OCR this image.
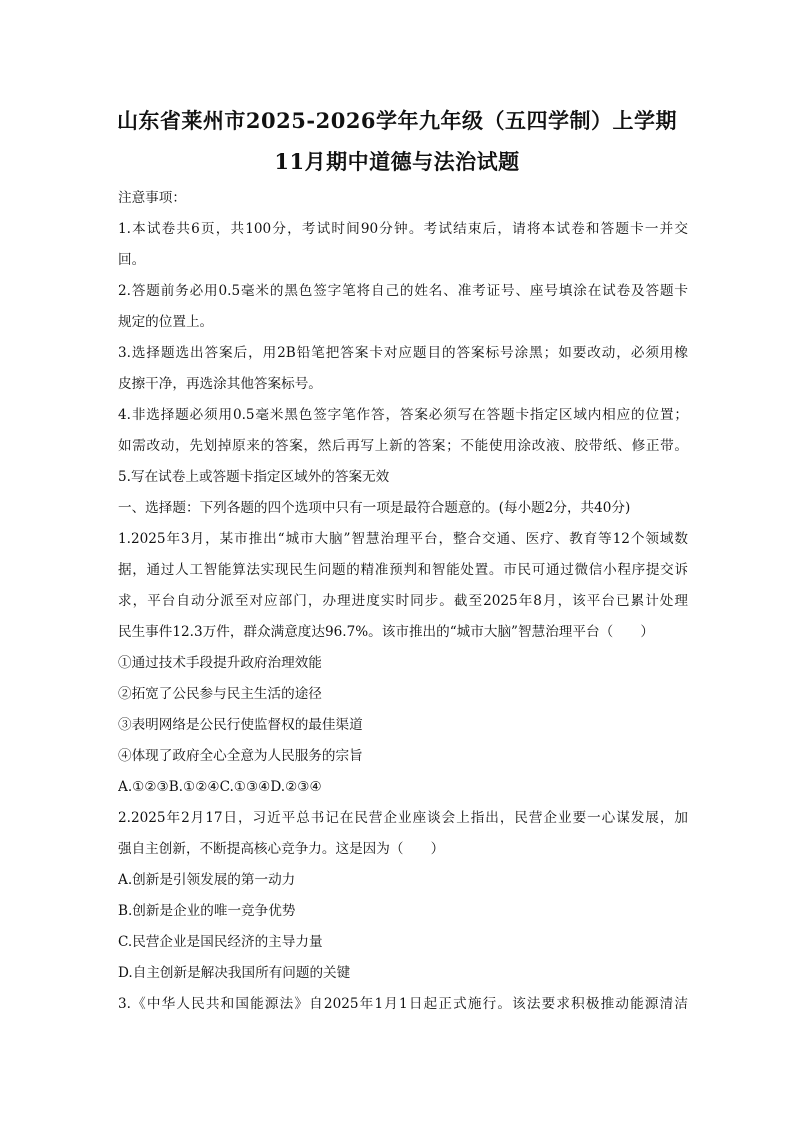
山东省莱州市2025-2026学年九年级（五四学制）上学期
11月期中道德与法治试题
注意事项：
1.本试卷共6页，共100分，考试时间90分钟。考试结束后，请将本试卷和答题卡一并交
回。
2.答题前务必用0.5毫米的黑色签字笔将自己的姓名、准考证号、座号填涂在试卷及答题卡
规定的位置上。
3.选择题选出答案后，用2B铅笔把答案卡对应题目的答案标号涂黑；如要改动，必须用橡
皮擦干净，再选涂其他答案标号。
4.非选择题必须用0.5毫米黑色签字笔作答，答案必须写在答题卡指定区域内相应的位置；
如需改动，先划掉原来的答案，然后再写上新的答案；不能使用涂改液、胶带纸、修正带。
5.写在试卷上或答题卡指定区域外的答案无效
一、选择题：下列各题的四个选项中只有一项是最符合题意的。(每小题2分，共40分)
1.2025年3月，某市推出“城市大脑”智慧治理平台，整合交通、医疗、教育等12个领域数
据，通过人工智能算法实现民生问题的精准预判和智能处置。市民可通过微信小程序提交诉
求，平台自动分派至对应部门，办理进度实时同步。截至2025年8月，该平台已累计处理
民生事件12.3万件，群众满意度达96.7%。该市推出的“城市大脑”智慧治理平台（　　）
①通过技术手段提升政府治理效能
②拓宽了公民参与民主生活的途径
③表明网络是公民行使监督权的最佳渠道
④体现了政府全心全意为人民服务的宗旨
A.①②③B.①②④C.①③④D.②③④
2.2025年2月17日，习近平总书记在民营企业座谈会上指出，民营企业要一心谋发展，加
强自主创新，不断提高核心竞争力。这是因为（　　）
A.创新是引领发展的第一动力
B.创新是企业的唯一竞争优势
C.民营企业是国民经济的主导力量
D.自主创新是解决我国所有问题的关键
3.《中华人民共和国能源法》自2025年1月1日起正式施行。该法要求积极推动能源清洁
